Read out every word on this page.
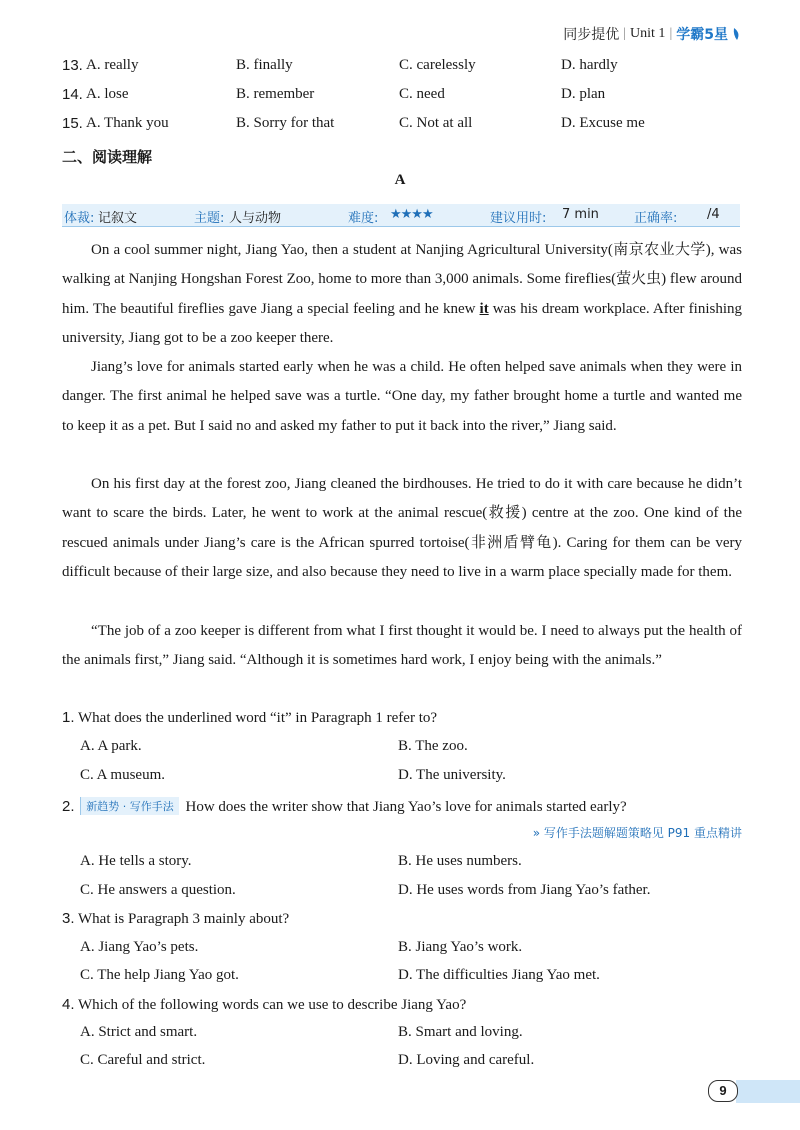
同步提优 | Unit 1 | 学霸5星
13. A. really	B. finally	C. carelessly	D. hardly
14. A. lose	B. remember	C. need	D. plan
15. A. Thank you	B. Sorry for that	C. Not at all	D. Excuse me
二、阅读理解
A
体裁: 记叙文	主题: 人与动物	难度: ★★★★	建议用时: 7 min	正确率: /4

On a cool summer night, Jiang Yao, then a student at Nanjing Agricultural University(南京农业大学), was walking at Nanjing Hongshan Forest Zoo, home to more than 3,000 animals. Some fireflies(萤火虫) flew around him. The beautiful fireflies gave Jiang a special feeling and he knew it was his dream workplace. After finishing university, Jiang got to be a zoo keeper there.

Jiang’s love for animals started early when he was a child. He often helped save animals when they were in danger. The first animal he helped save was a turtle. “One day, my father brought home a turtle and wanted me to keep it as a pet. But I said no and asked my father to put it back into the river,” Jiang said.

On his first day at the forest zoo, Jiang cleaned the birdhouses. He tried to do it with care because he didn’t want to scare the birds. Later, he went to work at the animal rescue(救援) centre at the zoo. One kind of the rescued animals under Jiang’s care is the African spurred tortoise(非洲盾臂龟). Caring for them can be very difficult because of their large size, and also because they need to live in a warm place specially made for them.

“The job of a zoo keeper is different from what I first thought it would be. I need to always put the health of the animals first,” Jiang said. “Although it is sometimes hard work, I enjoy being with the animals.”

1. What does the underlined word “it” in Paragraph 1 refer to?
A. A park.	B. The zoo.
C. A museum.	D. The university.
2. 新趋势 · 写作手法 How does the writer show that Jiang Yao’s love for animals started early?
» 写作手法题解题策略见 P91 重点精讲
A. He tells a story.	B. He uses numbers.
C. He answers a question.	D. He uses words from Jiang Yao’s father.
3. What is Paragraph 3 mainly about?
A. Jiang Yao’s pets.	B. Jiang Yao’s work.
C. The help Jiang Yao got.	D. The difficulties Jiang Yao met.
4. Which of the following words can we use to describe Jiang Yao?
A. Strict and smart.	B. Smart and loving.
C. Careful and strict.	D. Loving and careful.
9
